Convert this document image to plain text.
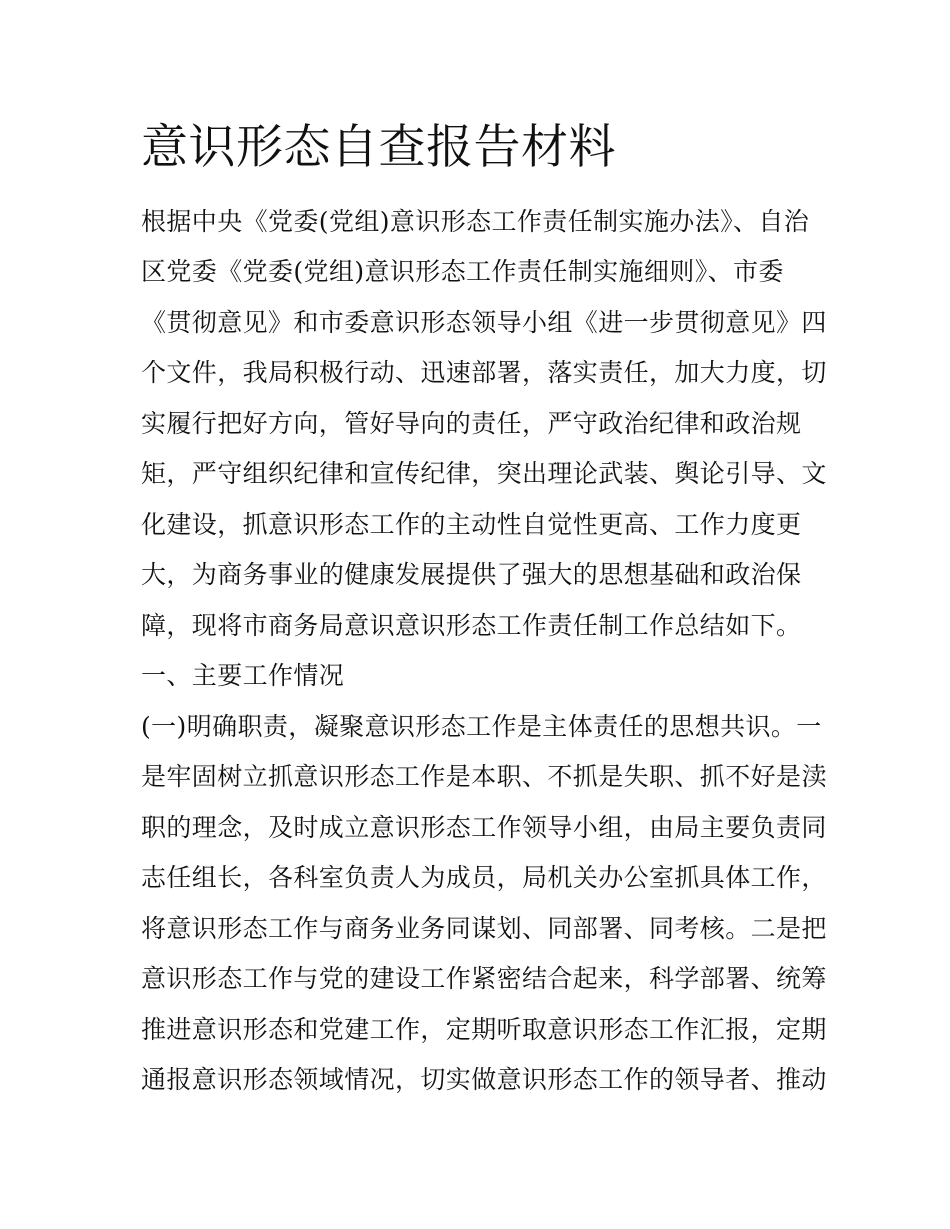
意识形态自查报告材料

根据中央《党委(党组)意识形态工作责任制实施办法》、自治

区党委《党委(党组)意识形态工作责任制实施细则》、市委

《贯彻意见》和市委意识形态领导小组《进一步贯彻意见》四

个文件，我局积极行动、迅速部署，落实责任，加大力度，切

实履行把好方向，管好导向的责任，严守政治纪律和政治规

矩，严守组织纪律和宣传纪律，突出理论武装、舆论引导、文

化建设，抓意识形态工作的主动性自觉性更高、工作力度更

大，为商务事业的健康发展提供了强大的思想基础和政治保

障，现将市商务局意识意识形态工作责任制工作总结如下。

一、主要工作情况

(一)明确职责，凝聚意识形态工作是主体责任的思想共识。一

是牢固树立抓意识形态工作是本职、不抓是失职、抓不好是渎

职的理念，及时成立意识形态工作领导小组，由局主要负责同

志任组长，各科室负责人为成员，局机关办公室抓具体工作，

将意识形态工作与商务业务同谋划、同部署、同考核。二是把

意识形态工作与党的建设工作紧密结合起来，科学部署、统筹

推进意识形态和党建工作，定期听取意识形态工作汇报，定期

通报意识形态领域情况，切实做意识形态工作的领导者、推动
